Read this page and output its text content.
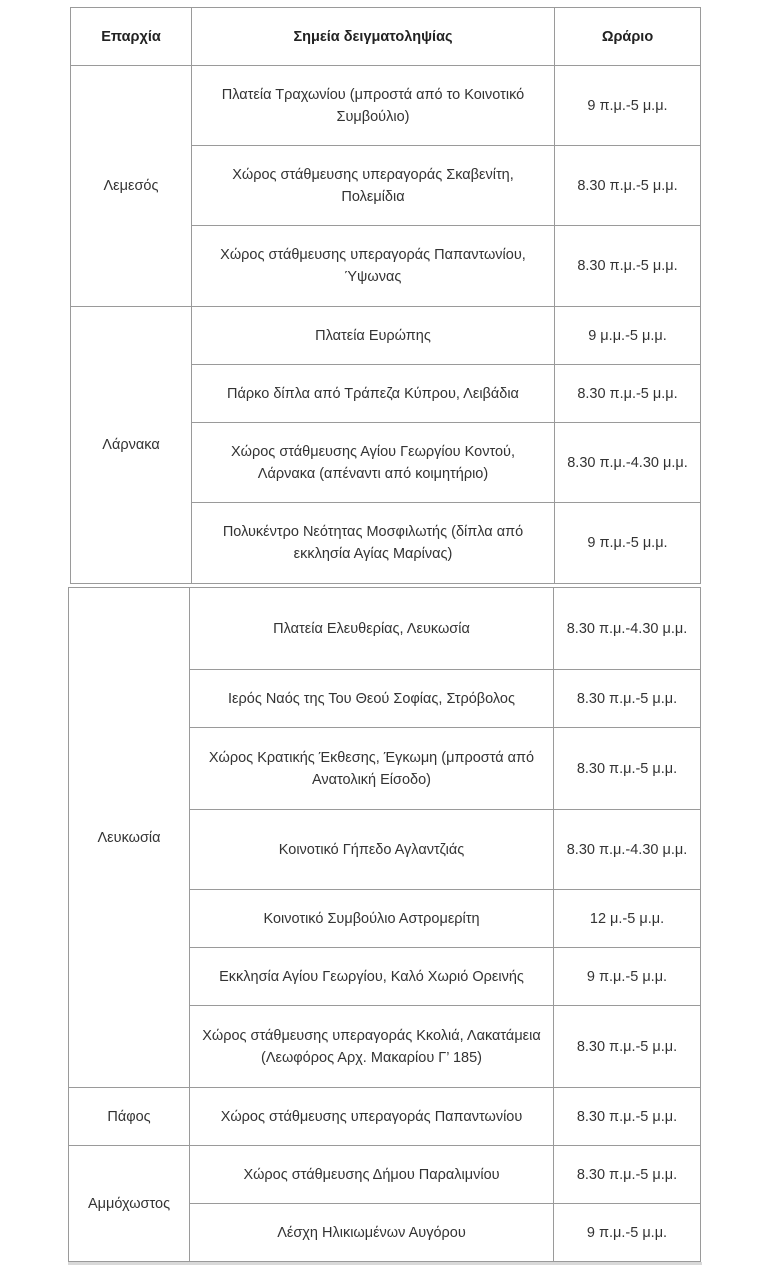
Επαρχία	Σημεία δειγματοληψίας	Ωράριο
Λεμεσός	Πλατεία Τραχωνίου (μπροστά από το Κοινοτικό Συμβούλιο)	9 π.μ.-5 μ.μ.
	Χώρος στάθμευσης υπεραγοράς Σκαβενίτη, Πολεμίδια	8.30 π.μ.-5 μ.μ.
	Χώρος στάθμευσης υπεραγοράς Παπαντωνίου, Ύψωνας	8.30 π.μ.-5 μ.μ.
Λάρνακα	Πλατεία Ευρώπης	9 μ.μ.-5 μ.μ.
	Πάρκο δίπλα από Τράπεζα Κύπρου, Λειβάδια	8.30 π.μ.-5 μ.μ.
	Χώρος στάθμευσης Αγίου Γεωργίου Κοντού, Λάρνακα (απέναντι από κοιμητήριο)	8.30 π.μ.-4.30 μ.μ.
	Πολυκέντρο Νεότητας Μοσφιλωτής (δίπλα από εκκλησία Αγίας Μαρίνας)	9 π.μ.-5 μ.μ.
Λευκωσία	Πλατεία Ελευθερίας, Λευκωσία	8.30 π.μ.-4.30 μ.μ.
	Ιερός Ναός της Του Θεού Σοφίας, Στρόβολος	8.30 π.μ.-5 μ.μ.
	Χώρος Κρατικής Έκθεσης, Έγκωμη (μπροστά από Ανατολική Είσοδο)	8.30 π.μ.-5 μ.μ.
	Κοινοτικό Γήπεδο Αγλαντζιάς	8.30 π.μ.-4.30 μ.μ.
	Κοινοτικό Συμβούλιο Αστρομερίτη	12 μ.-5 μ.μ.
	Εκκλησία Αγίου Γεωργίου, Καλό Χωριό Ορεινής	9 π.μ.-5 μ.μ.
	Χώρος στάθμευσης υπεραγοράς Κκολιά, Λακατάμεια (Λεωφόρος Αρχ. Μακαρίου Γ’ 185)	8.30 π.μ.-5 μ.μ.
Πάφος	Χώρος στάθμευσης υπεραγοράς Παπαντωνίου	8.30 π.μ.-5 μ.μ.
Αμμόχωστος	Χώρος στάθμευσης Δήμου Παραλιμνίου	8.30 π.μ.-5 μ.μ.
	Λέσχη Ηλικιωμένων Αυγόρου	9 π.μ.-5 μ.μ.
